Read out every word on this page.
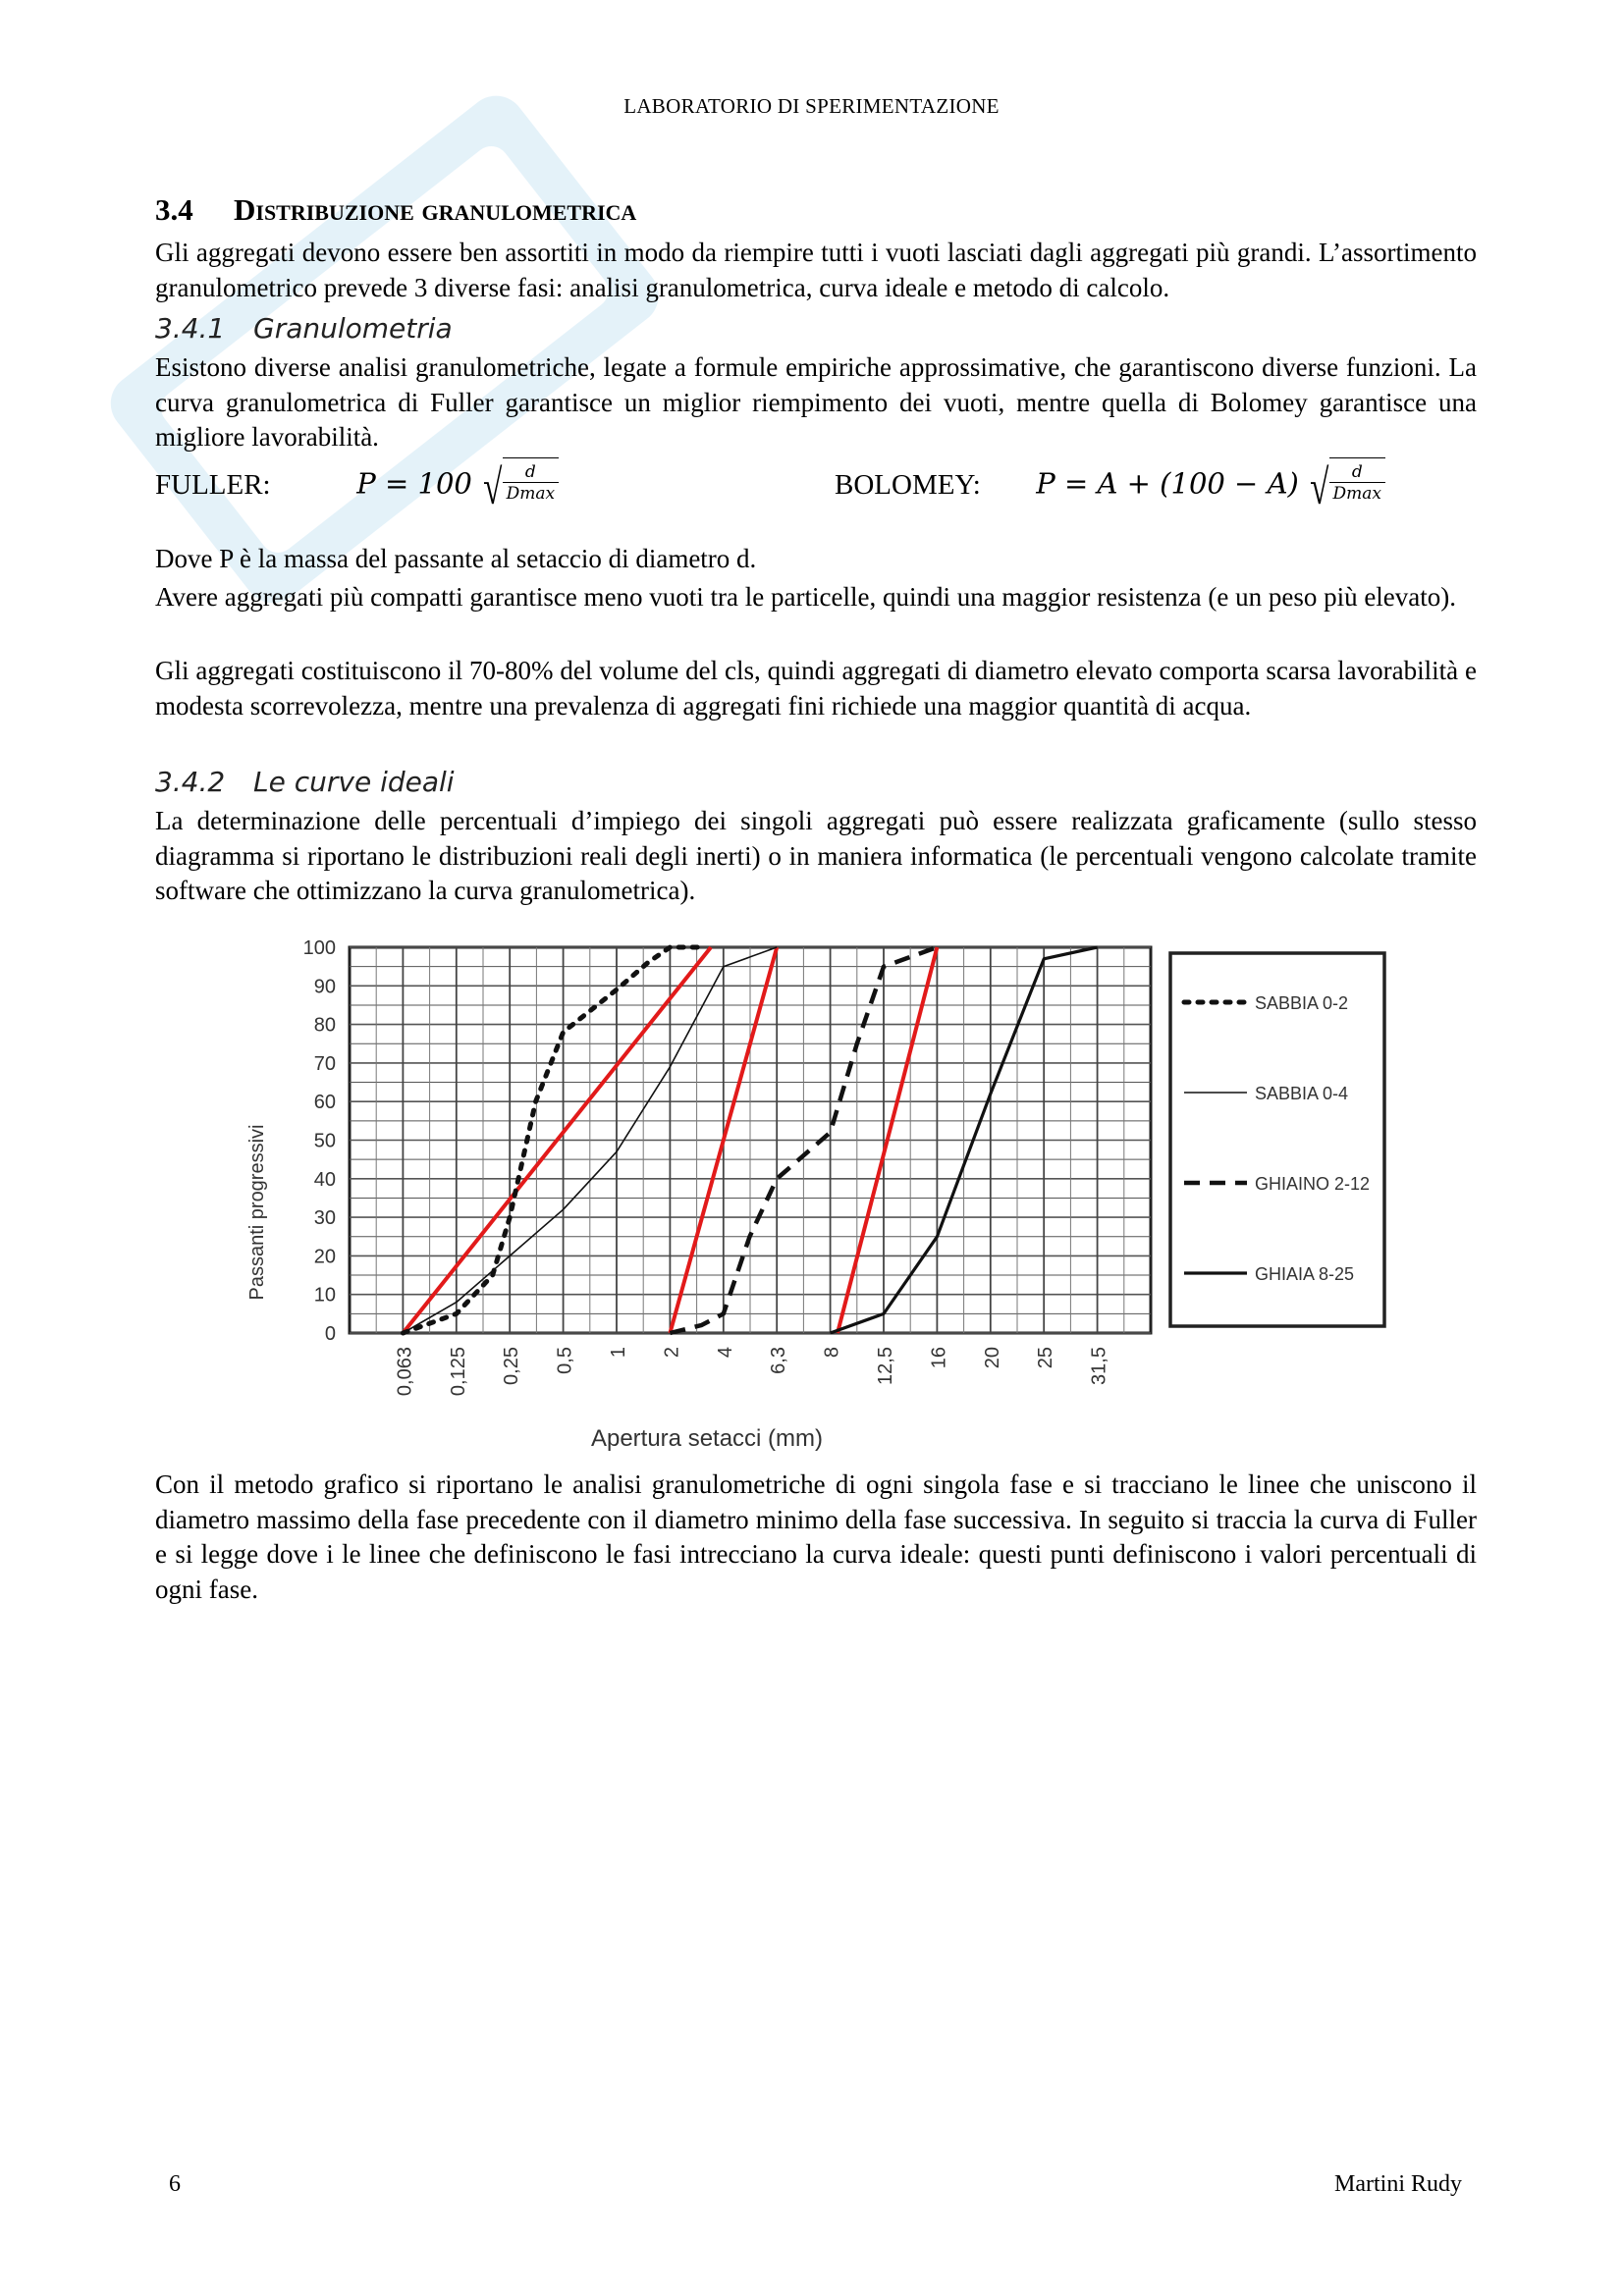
LABORATORIO DI SPERIMENTAZIONE
3.4 Distribuzione granulometrica
Gli aggregati devono essere ben assortiti in modo da riempire tutti i vuoti lasciati dagli aggregati più grandi. L’assortimento granulometrico prevede 3 diverse fasi: analisi granulometrica, curva ideale e metodo di calcolo.
3.4.1 Granulometria
Esistono diverse analisi granulometriche, legate a formule empiriche approssimative, che garantiscono diverse funzioni. La curva granulometrica di Fuller garantisce un miglior riempimento dei vuoti, mentre quella di Bolomey garantisce una migliore lavorabilità.
FULLER:	P = 100 √ $\frac{d}{Dmax}$	BOLOMEY: P = A + (100 − A) √ $\frac{d}{Dmax}$
Dove P è la massa del passante al setaccio di diametro d.
Avere aggregati più compatti garantisce meno vuoti tra le particelle, quindi una maggior resistenza (e un peso più elevato).
Gli aggregati costituiscono il 70-80% del volume del cls, quindi aggregati di diametro elevato comporta scarsa lavorabilità e modesta scorrevolezza, mentre una prevalenza di aggregati fini richiede una maggior quantità di acqua.
3.4.2 Le curve ideali
La determinazione delle percentuali d’impiego dei singoli aggregati può essere realizzata graficamente (sullo stesso diagramma si riportano le distribuzioni reali degli inerti) o in maniera informatica (le percentuali vengono calcolate tramite software che ottimizzano la curva granulometrica).
0
10
20
30
40
50
60
70
80
90
100
0,063 0,125 0,25 0,5 1 2 4 6,3 8 12,5 16 20 25 31,5
Passanti progressivi
Apertura setacci (mm)
SABBIA 0-2
SABBIA 0-4
GHIAINO 2-12
GHIAIA 8-25
Con il metodo grafico si riportano le analisi granulometriche di ogni singola fase e si tracciano le linee che uniscono il diametro massimo della fase precedente con il diametro minimo della fase successiva. In seguito si traccia la curva di Fuller e si legge dove i le linee che definiscono le fasi intrecciano la curva ideale: questi punti definiscono i valori percentuali di ogni fase.
6	Martini Rudy
